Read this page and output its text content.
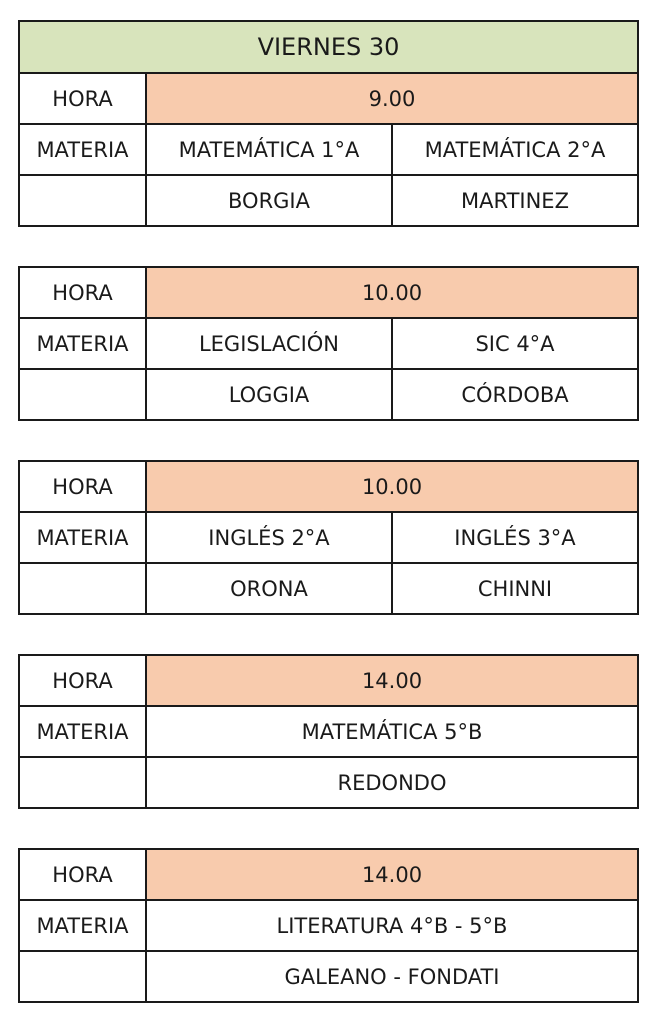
VIERNES 30		
HORA	9.00	
MATERIA	MATEMÁTICA 1°A	MATEMÁTICA 2°A
	BORGIA	MARTINEZ
HORA	10.00	
MATERIA	LEGISLACIÓN	SIC 4°A
	LOGGIA	CÓRDOBA
HORA	10.00	
MATERIA	INGLÉS 2°A	INGLÉS 3°A
	ORONA	CHINNI
HORA	14.00
MATERIA	MATEMÁTICA 5°B
	REDONDO
HORA	14.00
MATERIA	LITERATURA 4°B - 5°B
	GALEANO - FONDATI
